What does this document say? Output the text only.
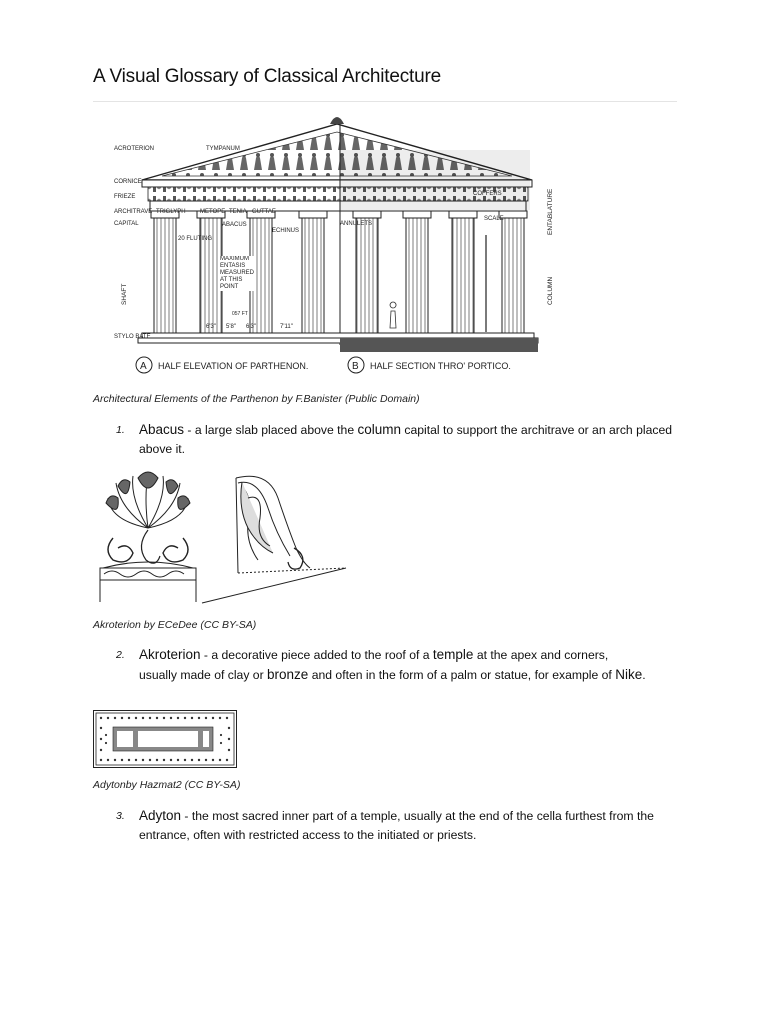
A Visual Glossary of Classical Architecture
ACROTERION	TYMPANUM
CORNICE
FRIEZE
ARCHITRAVE
CAPITAL
TRIGLYPH METOPE TENIA GUTTAE
ABACUS
ECHINUS
ANNULETS
COFFERS
20 FLUTING
SCALE
6'3" 5'8" 6'3"	7'11"
STYLO BATE
MAXIMUM ENTASIS MEASURED AT THIS POINT
057 FT
SHAFT	COLUMN
ENTABLATURE
A HALF ELEVATION OF PARTHENON.	B HALF SECTION THRO' PORTICO.
Architectural Elements of the Parthenon by F.Banister (Public Domain)
1. Abacus - a large slab placed above the column capital to support the architrave or an arch placed above it.
Akroterion by ECeDee (CC BY-SA)
2. Akroterion - a decorative piece added to the roof of a temple at the apex and corners, usually made of clay or bronze and often in the form of a palm or statue, for example of Nike.
Adytonby Hazmat2 (CC BY-SA)
3. Adyton - the most sacred inner part of a temple, usually at the end of the cella furthest from the entrance, often with restricted access to the initiated or priests.
